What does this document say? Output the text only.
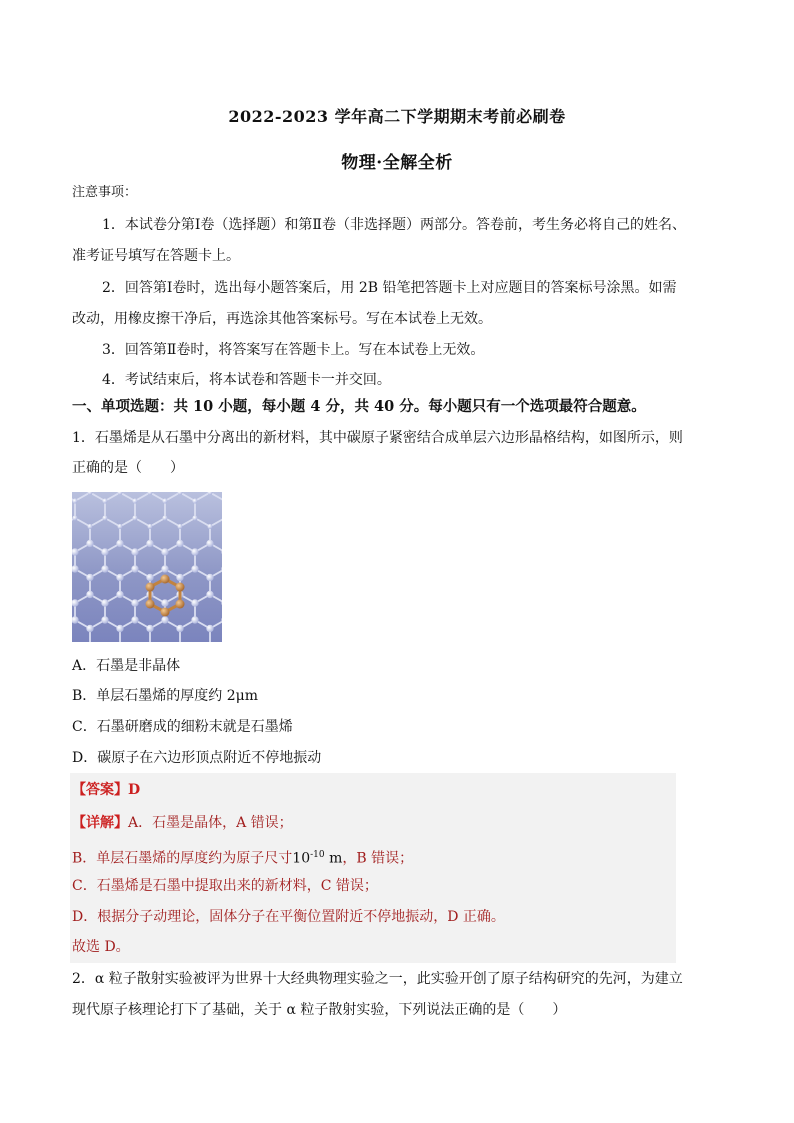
2022-2023 学年高二下学期期末考前必刷卷
物理·全解全析
注意事项：
1．本试卷分第Ⅰ卷（选择题）和第Ⅱ卷（非选择题）两部分。答卷前，考生务必将自己的姓名、
准考证号填写在答题卡上。
2．回答第Ⅰ卷时，选出每小题答案后，用 2B 铅笔把答题卡上对应题目的答案标号涂黑。如需
改动，用橡皮擦干净后，再选涂其他答案标号。写在本试卷上无效。
3．回答第Ⅱ卷时，将答案写在答题卡上。写在本试卷上无效。
4．考试结束后，将本试卷和答题卡一并交回。
一、单项选题：共 10 小题，每小题 4 分，共 40 分。每小题只有一个选项最符合题意。
1．石墨烯是从石墨中分离出的新材料，其中碳原子紧密结合成单层六边形晶格结构，如图所示，则
正确的是（　　）
A．石墨是非晶体
B．单层石墨烯的厚度约 2μm
C．石墨研磨成的细粉末就是石墨烯
D．碳原子在六边形顶点附近不停地振动
【答案】D
【详解】A．石墨是晶体，A 错误；
B．单层石墨烯的厚度约为原子尺寸$10^{-10}$ m，B 错误；
C．石墨烯是石墨中提取出来的新材料，C 错误；
D．根据分子动理论，固体分子在平衡位置附近不停地振动，D 正确。
故选 D。
2．α 粒子散射实验被评为世界十大经典物理实验之一，此实验开创了原子结构研究的先河，为建立
现代原子核理论打下了基础，关于 α 粒子散射实验，下列说法正确的是（　　）
